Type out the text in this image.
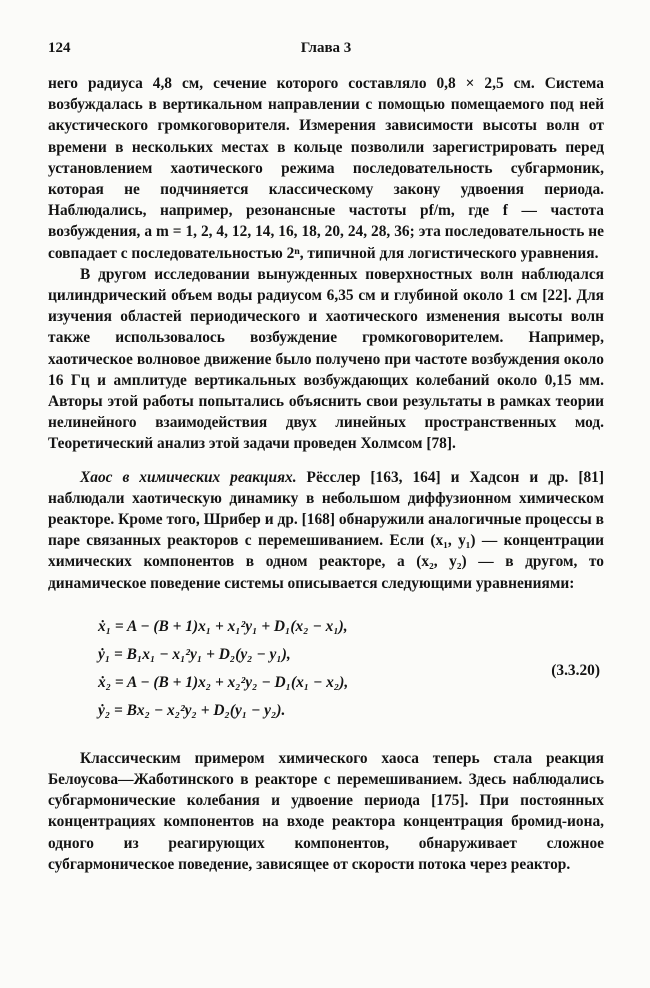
124	Глава 3

него радиуса 4,8 см, сечение которого составляло 0,8 × 2,5 см. Система возбуждалась в вертикальном направлении с помощью помещаемого под ней акустического громкоговорителя. Измерения зависимости высоты волн от времени в нескольких местах в кольце позволили зарегистрировать перед установлением хаотического режима последовательность субгармоник, которая не подчиняется классическому закону удвоения периода. Наблюдались, например, резонансные частоты pf/m, где f — частота возбуждения, а m = 1, 2, 4, 12, 14, 16, 18, 20, 24, 28, 36; эта последовательность не совпадает с последовательностью 2ⁿ, типичной для логистического уравнения.

В другом исследовании вынужденных поверхностных волн наблюдался цилиндрический объем воды радиусом 6,35 см и глубиной около 1 см [22]. Для изучения областей периодического и хаотического изменения высоты волн также использовалось возбуждение громкоговорителем. Например, хаотическое волновое движение было получено при частоте возбуждения около 16 Гц и амплитуде вертикальных возбуждающих колебаний около 0,15 мм. Авторы этой работы попытались объяснить свои результаты в рамках теории нелинейного взаимодействия двух линейных пространственных мод. Теоретический анализ этой задачи проведен Холмсом [78].

Хаос в химических реакциях. Рёсслер [163, 164] и Хадсон и др. [81] наблюдали хаотическую динамику в небольшом диффузионном химическом реакторе. Кроме того, Шрибер и др. [168] обнаружили аналогичные процессы в паре связанных реакторов с перемешиванием. Если (x₁, y₁) — концентрации химических компонентов в одном реакторе, а (x₂, y₂) — в другом, то динамическое поведение системы описывается следующими уравнениями:

ẋ₁ = A − (B + 1)x₁ + x₁²y₁ + D₁(x₂ − x₁),
ẏ₁ = B₁x₁ − x₁²y₁ + D₂(y₂ − y₁),
ẋ₂ = A − (B + 1)x₂ + x₂²y₂ − D₁(x₁ − x₂),
ẏ₂ = Bx₂ − x₂²y₂ + D₂(y₁ − y₂).
(3.3.20)

Классическим примером химического хаоса теперь стала реакция Белоусова—Жаботинского в реакторе с перемешиванием. Здесь наблюдались субгармонические колебания и удвоение периода [175]. При постоянных концентрациях компонентов на входе реактора концентрация бромид-иона, одного из реагирующих компонентов, обнаруживает сложное субгармоническое поведение, зависящее от скорости потока через реактор.
